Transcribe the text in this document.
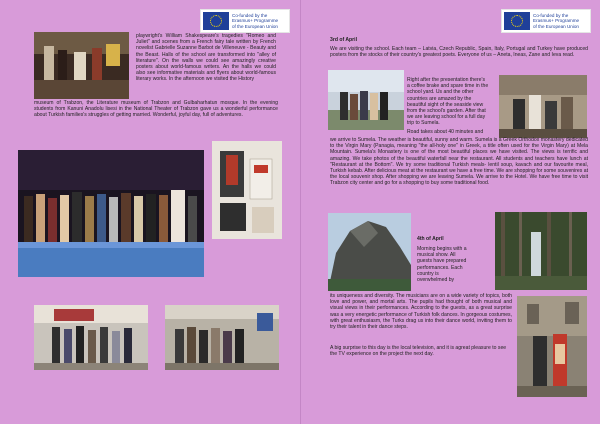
playwright's William Shakespeare's tragedies "Romeo and Juliet" and scenes from a French fairy tale written by French novelist Gabrielle Suzanne Barbot de Villeneuve - Beauty and the Beast. Halls of the school are transformed into "alley of literature". On the walls we could see amazingly creative posters about world-famous writers. An the halls we could also see informative materials and flyers about world-famous literary works. In the afternoon we visited the History

museum of Trabzon, the Literature museum of Trabzon and Gulbaharhatun mosque. In the evening students from Kanuni Anadolu lisesi in the National Theater of Trabzon gave us a wonderful performance about Turkish families's struggles of getting married. Wonderful, joyful day, full of adventures.

Co-funded by the
Erasmus+ Programme
of the European Union
Co-funded by the
Erasmus+ Programme
of the European Union

3rd of April

We are visiting the school. Each team – Latvia, Czech Republic, Spain, Italy, Portugal and Turkey have produced posters from the stocks of their country's greatest poets. Everyone of us – Aneta, Ineas, Zane and Ieva read.

Right after the presentation there's a coffee brake and spare time in the school yard. Us and the other countries are amazed by the beautiful sight of the seaside view from the school's garden. After that we are leaving school for a full day trip to Sumela.

Road takes about 40 minutes and

we arrive to Sumela. The weather is beautiful, sunny and warm. Sumela is a Greek Orthodox monastery dedicated to the Virgin Mary (Panagia, meaning "the all-holy one" in Greek, a title often used for the Virgin Mary) at Mela Mountain. Sumela's Monastery is one of the most beautiful places we have visited. The views is terrific and amazing. We take photos of the beautiful waterfall near the restaurant. All students and teachers have lunch at "Restaurant at the Bottom". We try some traditional Turkish meals- lentil soup, kavach and our favourite meal, Turkish kebab. After delicious meat at the restaurant we have a free time. We are shopping for some souvenires at the local souvenir shop. After shopping we are leaving Sumela. We arrive to the Hotel. We have free time to visit Trabzon city center and go for a shopping to buy some traditional food.

4th of April

Morning begins with a musical show. All guests have prepared performances. Each country is overwhelmed by

its uniqueness and diversity. The musicians are on a wide variety of topics, both love and power, and mortal arts. The pupils had thought of both musical and visual views in their performances. According to the guests, as a great surprise was a very energetic performance of Turkish folk dances. In gorgeous costumes, with great enthusiasm, the Turks drag us into their dance world, inviting them to try their talent in their dance steps.

A big surprise to this day is the local television, and it is agreat pleasure to see the TV experience on the project the next day.
